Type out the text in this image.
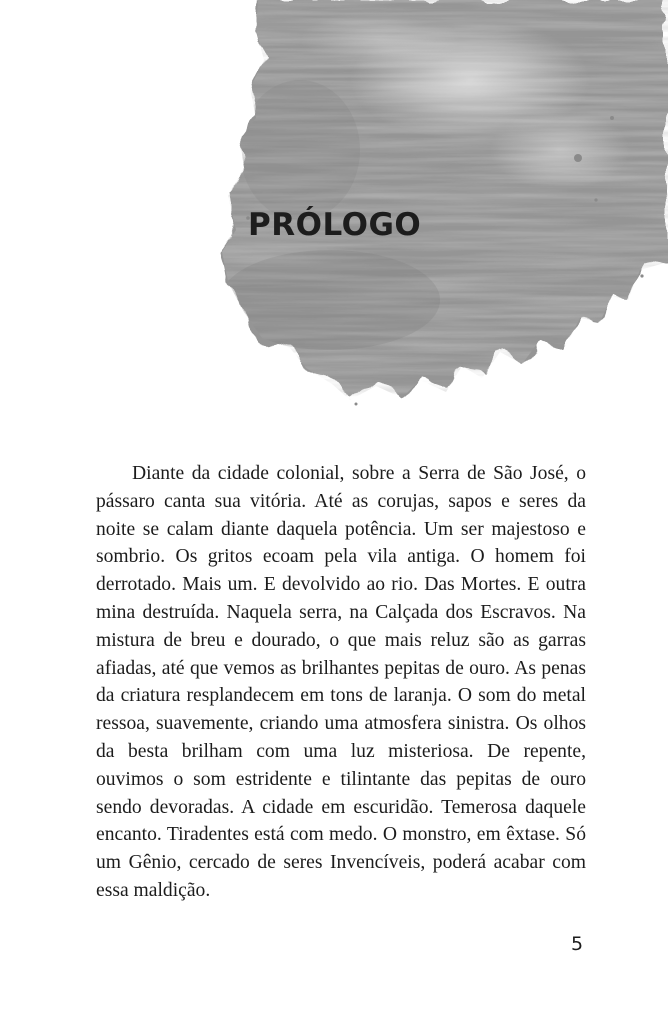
PRÓLOGO

Diante da cidade colonial, sobre a Serra de São José, o pássaro canta sua vitória. Até as corujas, sapos e seres da noite se calam diante daquela potência. Um ser majestoso e sombrio. Os gritos ecoam pela vila antiga. O homem foi derrotado. Mais um. E devolvido ao rio. Das Mortes. E outra mina destruída. Naquela serra, na Calçada dos Escravos. Na mistura de breu e dourado, o que mais reluz são as garras afiadas, até que vemos as brilhantes pepitas de ouro. As penas da criatura resplandecem em tons de laranja. O som do metal ressoa, suavemente, criando uma atmosfera sinistra. Os olhos da besta brilham com uma luz misteriosa. De repente, ouvimos o som estridente e tilintante das pepitas de ouro sendo devoradas. A cidade em escuridão. Temerosa daquele encanto. Tiradentes está com medo. O monstro, em êxtase. Só um Gênio, cercado de seres Invencíveis, poderá acabar com essa maldição.

5
